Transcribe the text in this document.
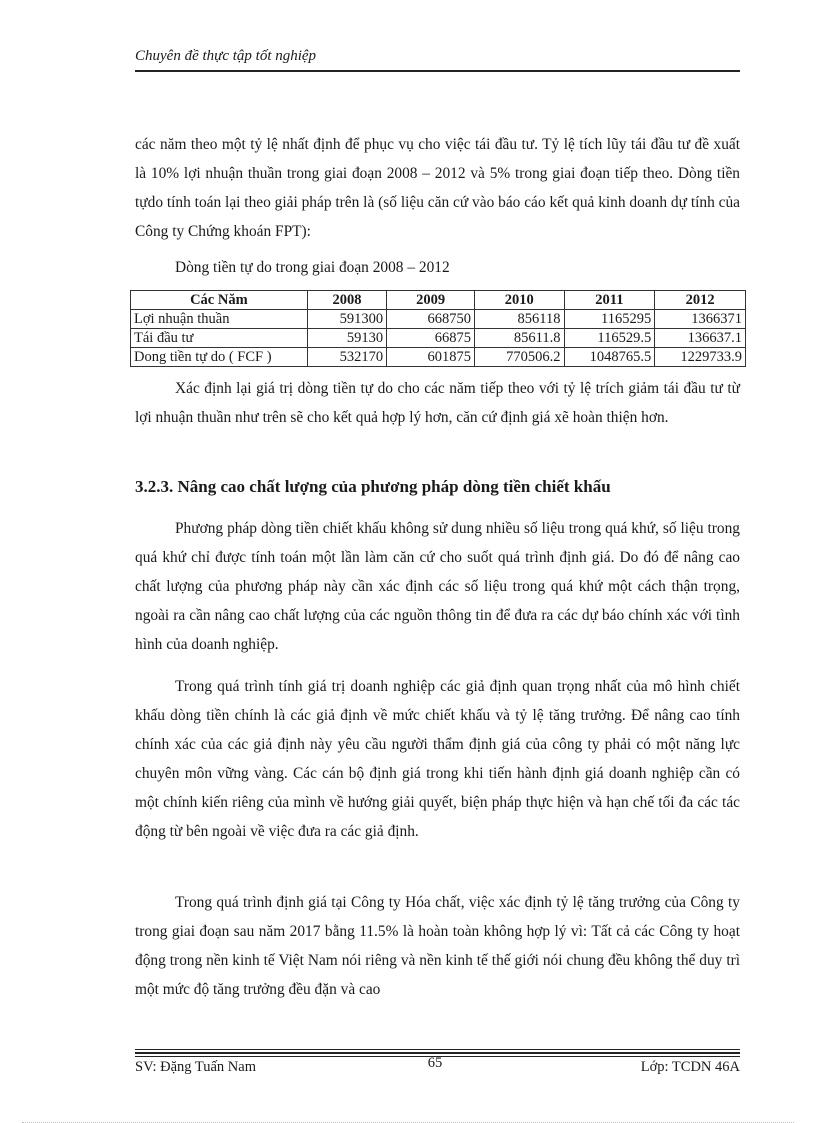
Chuyên đề thực tập tốt nghiệp

các năm theo một tỷ lệ nhất định để phục vụ cho việc tái đầu tư. Tỷ lệ tích lũy tái đầu tư đề xuất là 10% lợi nhuận thuần trong giai đoạn 2008 – 2012 và 5% trong giai đoạn tiếp theo. Dòng tiền tựdo tính toán lại theo giải pháp trên là (số liệu căn cứ vào báo cáo kết quả kinh doanh dự tính của Công ty Chứng khoán FPT):

Dòng tiền tự do trong giai đoạn 2008 – 2012
Các Năm	2008	2009	2010	2011	2012
Lợi nhuận thuần	591300	668750	856118	1165295	1366371
Tái đầu tư	59130	66875	85611.8	116529.5	136637.1
Dong tiền tự do ( FCF )	532170	601875	770506.2	1048765.5	1229733.9

Xác định lại giá trị dòng tiền tự do cho các năm tiếp theo với tỷ lệ trích giảm tái đầu tư từ lợi nhuận thuần như trên sẽ cho kết quả hợp lý hơn, căn cứ định giá xẽ hoàn thiện hơn.

3.2.3. Nâng cao chất lượng của phương pháp dòng tiền chiết khấu

Phương pháp dòng tiền chiết khấu không sử dung nhiều số liệu trong quá khứ, số liệu trong quá khứ chỉ được tính toán một lần làm căn cứ cho suốt quá trình định giá. Do đó để nâng cao chất lượng của phương pháp này cần xác định các số liệu trong quá khứ một cách thận trọng, ngoài ra cần nâng cao chất lượng của các nguồn thông tin để đưa ra các dự báo chính xác với tình hình của doanh nghiệp.

Trong quá trình tính giá trị doanh nghiệp các giả định quan trọng nhất của mô hình chiết khấu dòng tiền chính là các giả định về mức chiết khấu và tỷ lệ tăng trưởng. Để nâng cao tính chính xác của các giả định này yêu cầu người thẩm định giá của công ty phải có một năng lực chuyên môn vững vàng. Các cán bộ định giá trong khi tiến hành định giá doanh nghiệp cần có một chính kiến riêng của mình về hướng giải quyết, biện pháp thực hiện và hạn chế tối đa các tác động từ bên ngoài về việc đưa ra các giả định.

Trong quá trình định giá tại Công ty Hóa chất, việc xác định tỷ lệ tăng trưởng của Công ty trong giai đoạn sau năm 2017 bằng 11.5% là hoàn toàn không hợp lý vì: Tất cả các Công ty hoạt động trong nền kinh tế Việt Nam nói riêng và nền kinh tế thế giới nói chung đều không thể duy trì một mức độ tăng trưởng đều đặn và cao

SV: Đặng Tuấn Nam	65	Lớp: TCDN 46A
